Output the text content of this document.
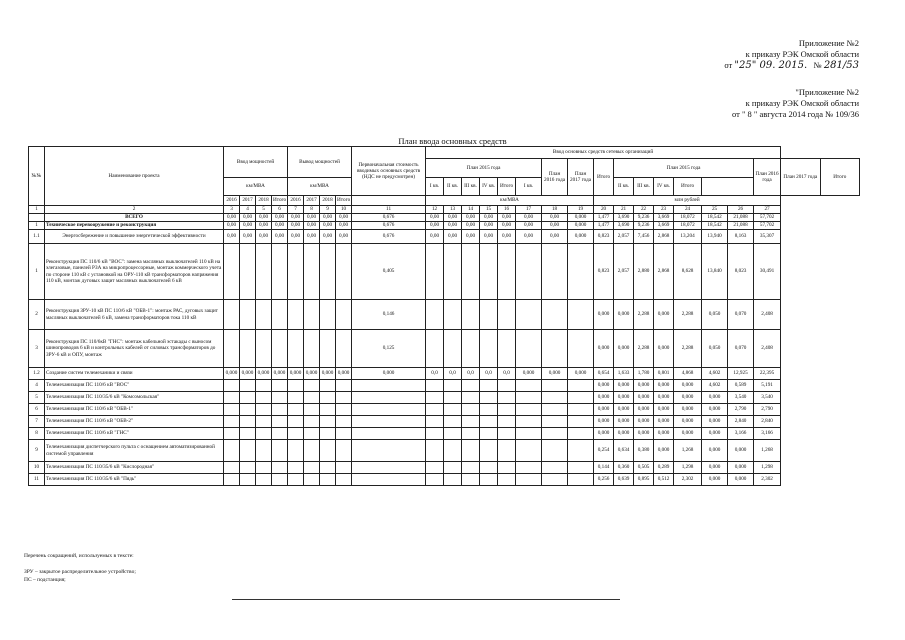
Приложение №2
к приказу РЭК Омской области
от "25" 09. 2015. № 281/53
"Приложение №2
к приказу РЭК Омской области
от " 8 " августа 2014 года № 109/36
План ввода основных средств
№№	Наименование проекта	Ввод мощностей				Вывод мощностей				Первоначальная стоимость вводимых основных средств (НДС не предусмотрен)	Ввод основных средств сетевых организаций																	
											План 2015 года						План 2016 года	План 2017 года	Итого	План 2015 года						План 2016 года	План 2017 года	Итого
		км/МВА				км/МВА					I кв.	II кв.	III кв.	IV кв.	Итого	I кв.				II кв.	III кв.	IV кв.	Итого					
		2016	2017	2018	Итого	2016	2017	2018	Итого		км/МВА								млн рублей									
1	2	3	4	5	6	7	8	9	10	11	12	13	14	15	16	17	18	19	20	21	22	23	24	25	26	27		
	ВСЕГО	0,00	0,00	0,00	0,00	0,00	0,00	0,00	0,00	0,676	0,00	0,00	0,00	0,00	0,00	0,00	0,00	0,000	1,477	3,690	9,236	3,669	18,072	18,542	21,088	57,702		
1	Техническое перевооружение и реконструкция	0,00	0,00	0,00	0,00	0,00	0,00	0,00	0,00	0,676	0,00	0,00	0,00	0,00	0,00	0,00	0,00	0,000	1,477	3,690	9,236	3,669	18,072	18,542	21,088	57,702		
1.1	Энергосбережение и повышение энергетической эффективности	0,00	0,00	0,00	0,00	0,00	0,00	0,00	0,00	0,676	0,00	0,00	0,00	0,00	0,00	0,00	0,00	0,000	0,823	2,057	7,456	2,868	13,204	13,940	8,163	35,307		
1	Реконструкция ПС 110/6 кВ "ВОС": замена масляных выключателей 110 кВ на элегазовые, панелей РЗА на микропроцессорные, монтаж коммерческого учета по стороне 110 кВ с установкой на ОРУ-110 кВ трансформаторов напряжения 110 кВ, монтаж дуговых защит масляных выключателей 6 кВ									0,405									0,823	2,057	2,880	2,868	8,628	13,840	8,023	30,491		
2	Реконструкция ЗРУ-10 кВ ПС 110/6 кВ "ОБВ-1": монтаж РАС, дуговых защит масляных выключателей 6 кВ, замена трансформаторов тока 110 кВ									0,146									0,000	0,000	2,288	0,000	2,288	0,050	0,070	2,408		
3	Реконструкция ПС 110/6кВ "ГНС": монтаж кабельной эстакады с выносом шинопроводов 6 кВ и контрольных кабелей от силовых трансформаторов до ЗРУ-6 кВ и ОПУ, монтаж									0,125									0,000	0,000	2,288	0,000	2,288	0,050	0,070	2,408		
1.2	Создание систем телемеханики и связи	0,000	0,000	0,000	0,000	0,000	0,000	0,000	0,000	0,000	0,0	0,0	0,0	0,0	0,0	0,000	0,000	0,000	0,654	1,633	1,780	0,801	4,868	4,602	12,925	22,395		
4	Телемеханизация ПС 110/6 кВ "ВОС"																		0,000	0,000	0,000	0,000	0,000	4,602	0,589	5,191		
5	Телемеханизация ПС 110/35/6 кВ "Комсомольская"																		0,000	0,000	0,000	0,000	0,000	0,000	3,540	3,540		
6	Телемеханизация ПС 110/6 кВ "ОБВ-1"																		0,000	0,000	0,000	0,000	0,000	0,000	2,790	2,790		
7	Телемеханизация ПС 110/6 кВ "ОБВ-2"																		0,000	0,000	0,000	0,000	0,000	0,000	2,840	2,840		
8	Телемеханизация ПС 110/6 кВ "ГНС"																		0,000	0,000	0,000	0,000	0,000	0,000	3,166	3,166		
9	Телемеханизация диспетчерского пульта с оснащением автоматизированной системой управления																		0,254	0,634	0,380	0,000	1,268	0,000	0,000	1,268		
10	Телемеханизация ПС 110/35/6 кВ "Кислородная"																		0,144	0,360	0,505	0,289	1,298	0,000	0,000	1,298		
11	Телемеханизация ПС 110/35/6 кВ "Пядь"																		0,256	0,639	0,895	0,512	2,302	0,000	0,000	2,302		
Перечень сокращений, используемых в тексте:
ЗРУ – закрытое распределительное устройство;
ПС – подстанция;
